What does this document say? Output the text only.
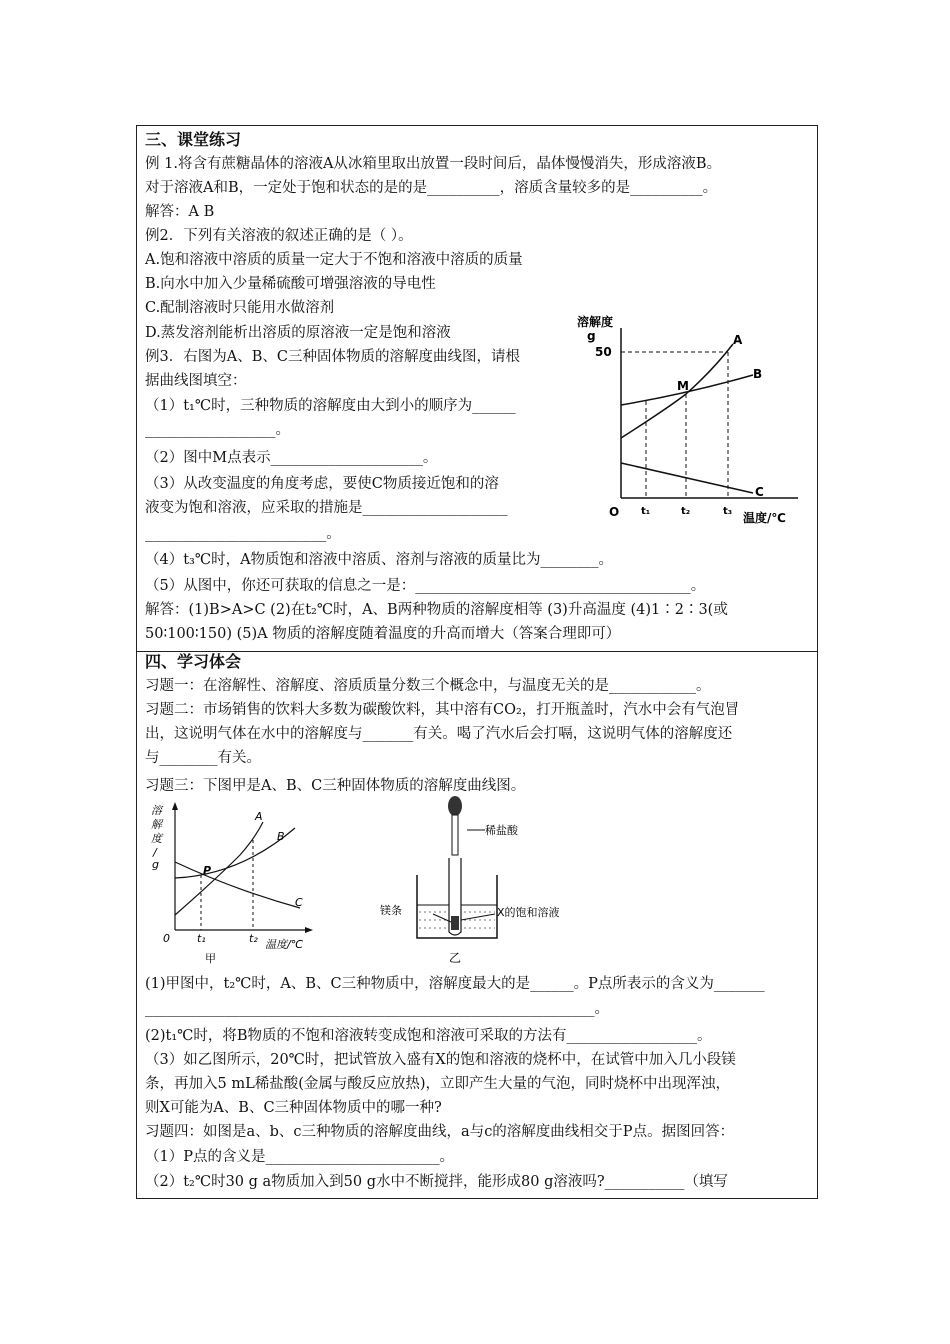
三、课堂练习
例 1.将含有蔗糖晶体的溶液A从冰箱里取出放置一段时间后，晶体慢慢消失，形成溶液B。
对于溶液A和B，一定处于饱和状态的是的是__________，溶质含量较多的是__________。
解答：A B
例2．下列有关溶液的叙述正确的是（ ）。
A.饱和溶液中溶质的质量一定大于不饱和溶液中溶质的质量
B.向水中加入少量稀硫酸可增强溶液的导电性
C.配制溶液时只能用水做溶剂
D.蒸发溶剂能析出溶质的原溶液一定是饱和溶液
例3．右图为A、B、C三种固体物质的溶解度曲线图，请根
据曲线图填空：
（1）t₁℃时，三种物质的溶解度由大到小的顺序为______
__________________。
（2）图中M点表示_____________________。
（3）从改变温度的角度考虑，要使C物质接近饱和的溶
液变为饱和溶液，应采取的措施是____________________
_________________________。
（4）t₃℃时，A物质饱和溶液中溶质、溶剂与溶液的质量比为________。
（5）从图中，你还可获取的信息之一是：______________________________________。
解答：(1)B>A>C (2)在t₂℃时，A、B两种物质的溶解度相等 (3)升高温度 (4)1∶2∶3(或
50∶100∶150) (5)A 物质的溶解度随着温度的升高而增大（答案合理即可）
溶解度
g
50
A
B
C
M
O t₁	t₂	t₃ 温度/℃
四、学习体会
习题一：在溶解性、溶解度、溶质质量分数三个概念中，与温度无关的是____________。
习题二：市场销售的饮料大多数为碳酸饮料，其中溶有CO₂，打开瓶盖时，汽水中会有气泡冒
出，这说明气体在水中的溶解度与_______有关。喝了汽水后会打嗝，这说明气体的溶解度还
与________有关。
习题三：下图甲是A、B、C三种固体物质的溶解度曲线图。
溶
解
度
/
g
A
B
C
P
0 t₁	t₂ 温度/℃
甲
稀盐酸
镁条	X的饱和溶液
乙
(1)甲图中，t₂℃时，A、B、C三种物质中，溶解度最大的是______。P点所表示的含义为_______
______________________________________________________________。
(2)t₁℃时，将B物质的不饱和溶液转变成饱和溶液可采取的方法有__________________。
（3）如乙图所示，20℃时，把试管放入盛有X的饱和溶液的烧杯中，在试管中加入几小段镁
条，再加入5 mL稀盐酸(金属与酸反应放热)，立即产生大量的气泡，同时烧杯中出现浑浊，
则X可能为A、B、C三种固体物质中的哪一种?
习题四：如图是a、b、c三种物质的溶解度曲线，a与c的溶解度曲线相交于P点。据图回答：
（1）P点的含义是________________________。
（2）t₂℃时30 g a物质加入到50 g水中不断搅拌，能形成80 g溶液吗?___________（填写
